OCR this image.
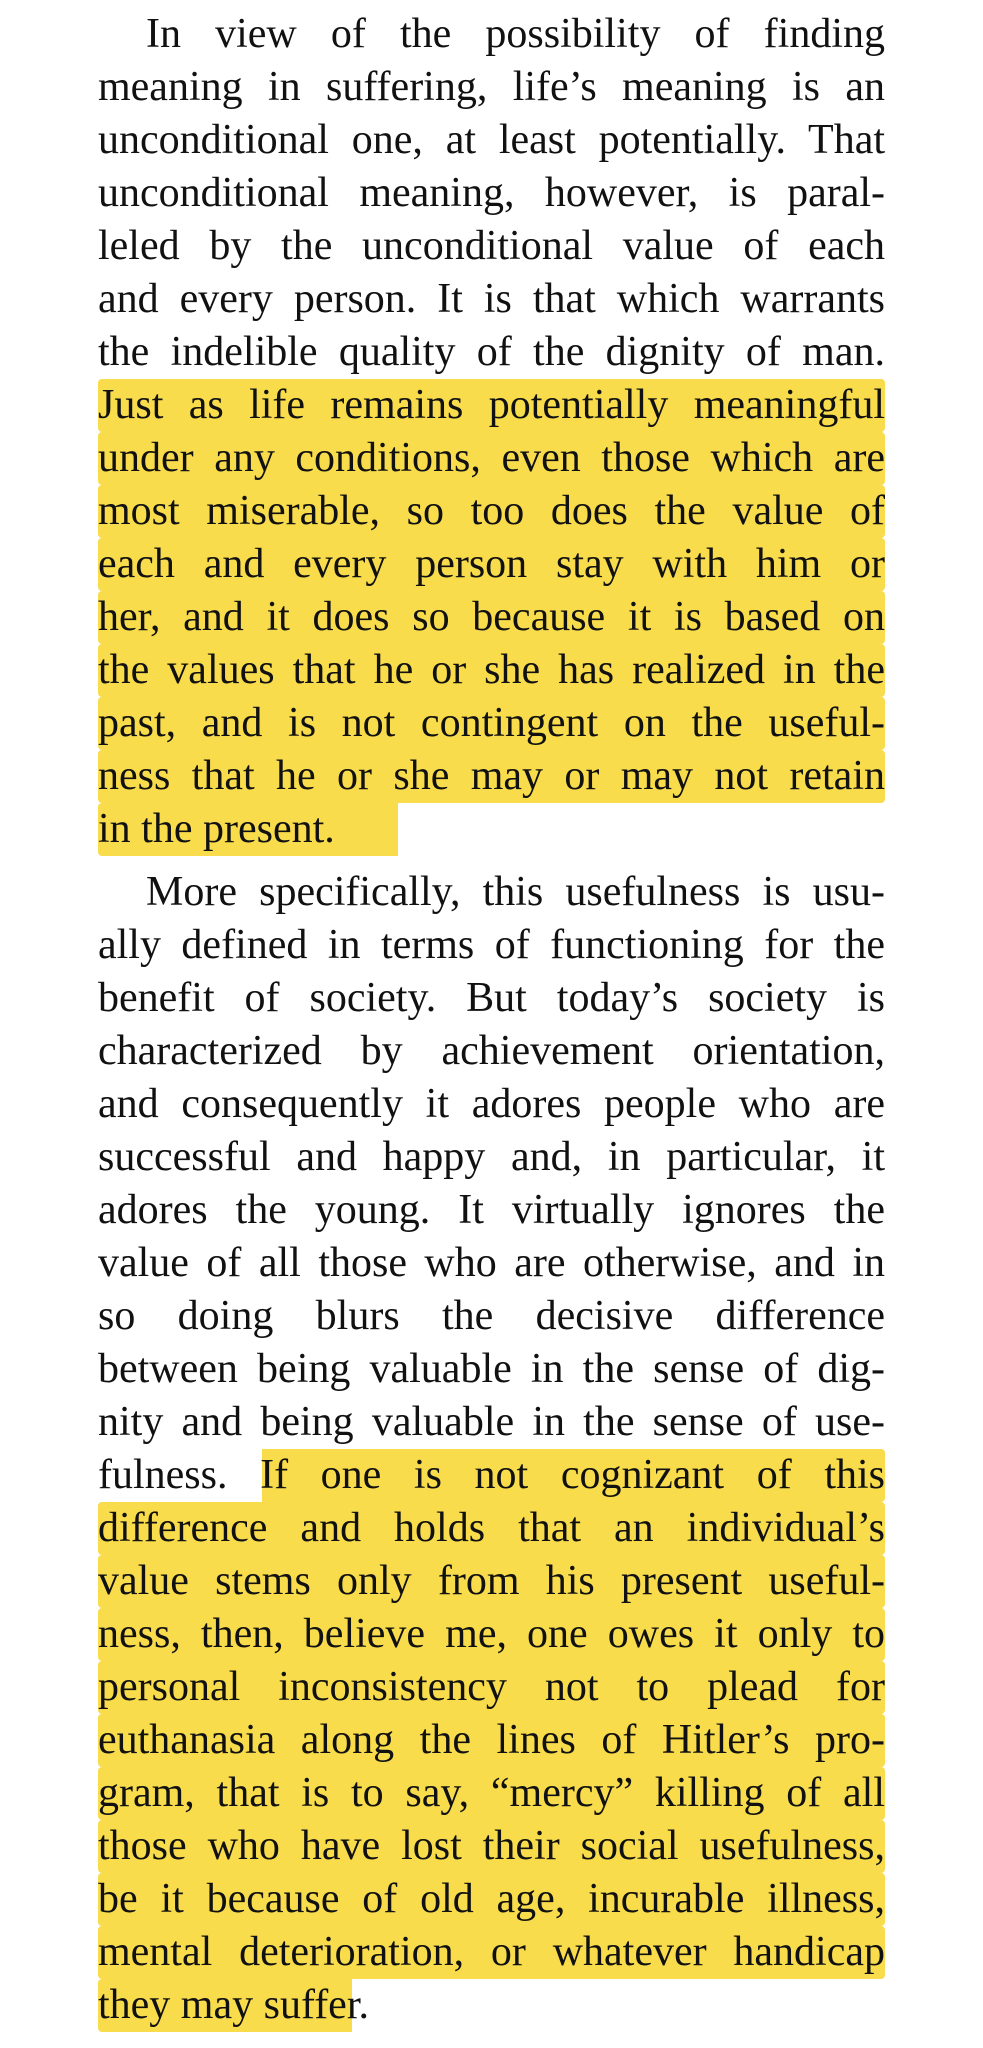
In view of the possibility of finding
meaning in suffering, life’s meaning is an
unconditional one, at least potentially. That
unconditional meaning, however, is paral-
leled by the unconditional value of each
and every person. It is that which warrants
the indelible quality of the dignity of man.
Just as life remains potentially meaningful
under any conditions, even those which are
most miserable, so too does the value of
each and every person stay with him or
her, and it does so because it is based on
the values that he or she has realized in the
past, and is not contingent on the useful-
ness that he or she may or may not retain
in the present.
More specifically, this usefulness is usu-
ally defined in terms of functioning for the
benefit of society. But today’s society is
characterized by achievement orientation,
and consequently it adores people who are
successful and happy and, in particular, it
adores the young. It virtually ignores the
value of all those who are otherwise, and in
so doing blurs the decisive difference
between being valuable in the sense of dig-
nity and being valuable in the sense of use-
fulness. If one is not cognizant of this
difference and holds that an individual’s
value stems only from his present useful-
ness, then, believe me, one owes it only to
personal inconsistency not to plead for
euthanasia along the lines of Hitler’s pro-
gram, that is to say, “mercy” killing of all
those who have lost their social usefulness,
be it because of old age, incurable illness,
mental deterioration, or whatever handicap
they may suffer.
